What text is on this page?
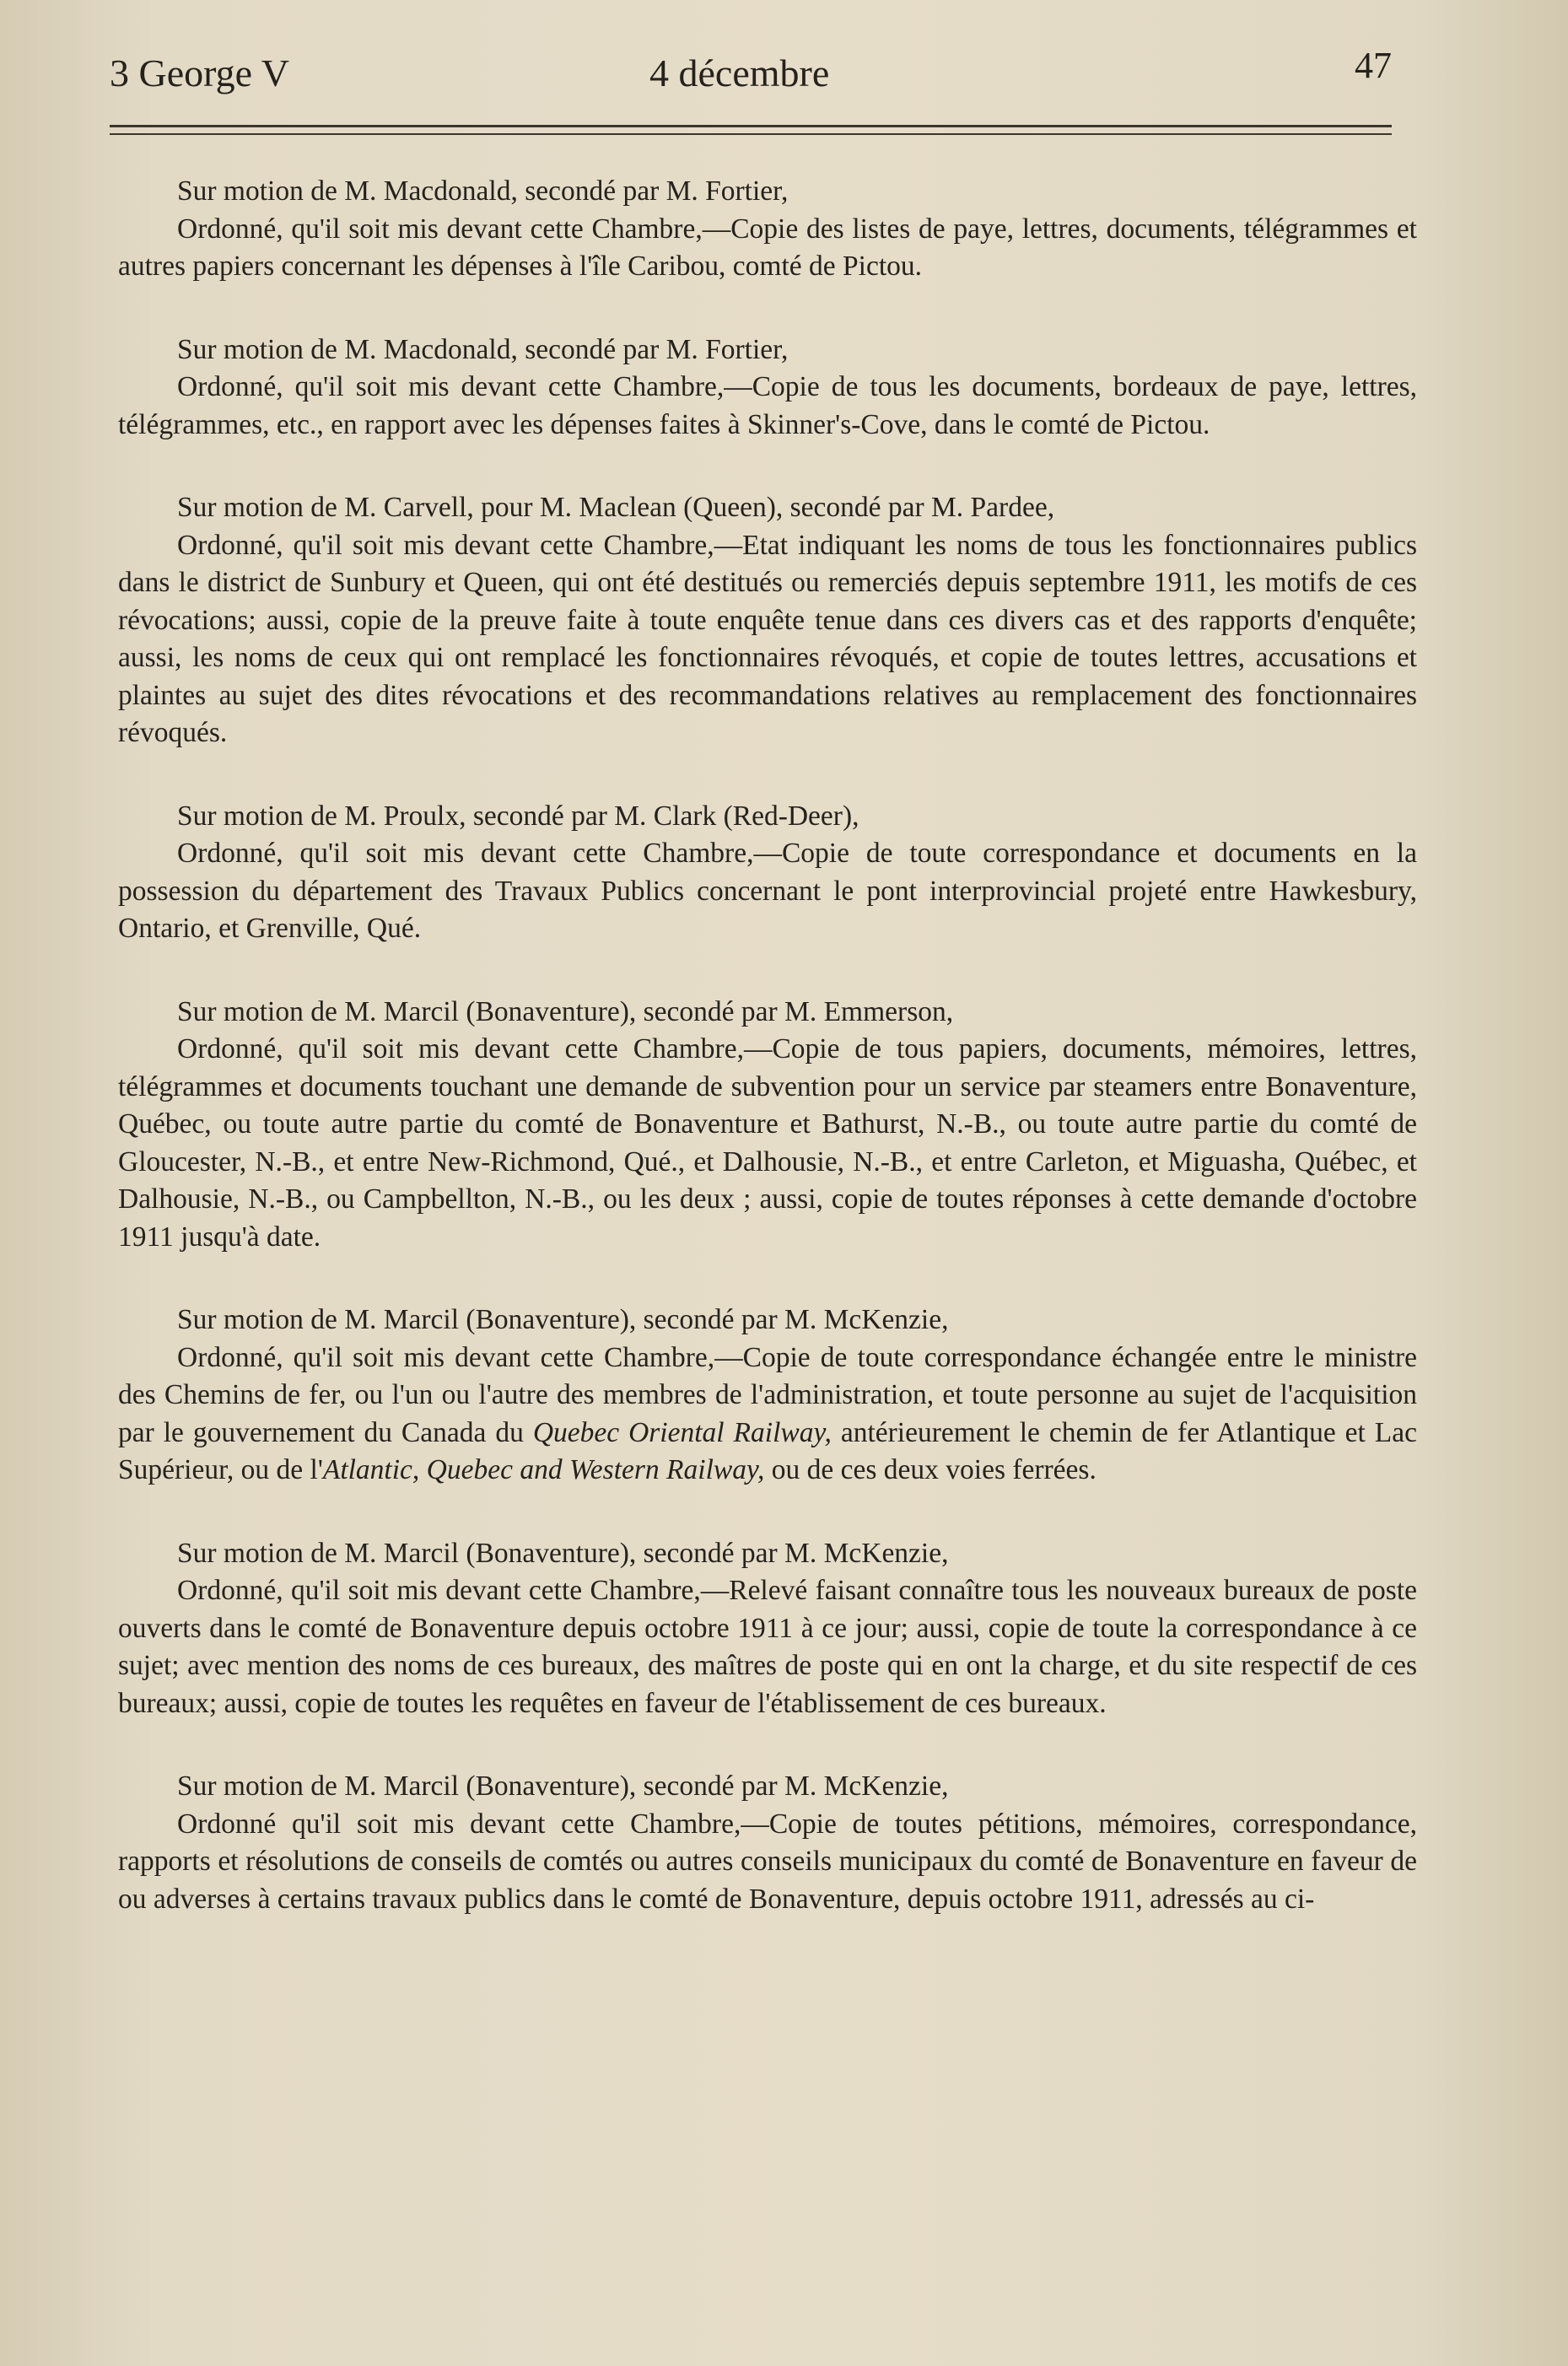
3 George V	4 décembre	47

Sur motion de M. Macdonald, secondé par M. Fortier,

Ordonné, qu'il soit mis devant cette Chambre,—Copie des listes de paye, lettres, documents, télégrammes et autres papiers concernant les dépenses à l'île Caribou, comté de Pictou.

Sur motion de M. Macdonald, secondé par M. Fortier,

Ordonné, qu'il soit mis devant cette Chambre,—Copie de tous les documents, bordeaux de paye, lettres, télégrammes, etc., en rapport avec les dépenses faites à Skinner's-Cove, dans le comté de Pictou.

Sur motion de M. Carvell, pour M. Maclean (Queen), secondé par M. Pardee,

Ordonné, qu'il soit mis devant cette Chambre,—Etat indiquant les noms de tous les fonctionnaires publics dans le district de Sunbury et Queen, qui ont été destitués ou remerciés depuis septembre 1911, les motifs de ces révocations; aussi, copie de la preuve faite à toute enquête tenue dans ces divers cas et des rapports d'enquête; aussi, les noms de ceux qui ont remplacé les fonctionnaires révoqués, et copie de toutes lettres, accusations et plaintes au sujet des dites révocations et des recommandations relatives au remplacement des fonctionnaires révoqués.

Sur motion de M. Proulx, secondé par M. Clark (Red-Deer),

Ordonné, qu'il soit mis devant cette Chambre,—Copie de toute correspondance et documents en la possession du département des Travaux Publics concernant le pont interprovincial projeté entre Hawkesbury, Ontario, et Grenville, Qué.

Sur motion de M. Marcil (Bonaventure), secondé par M. Emmerson,

Ordonné, qu'il soit mis devant cette Chambre,—Copie de tous papiers, documents, mémoires, lettres, télégrammes et documents touchant une demande de subvention pour un service par steamers entre Bonaventure, Québec, ou toute autre partie du comté de Bonaventure et Bathurst, N.-B., ou toute autre partie du comté de Gloucester, N.-B., et entre New-Richmond, Qué., et Dalhousie, N.-B., et entre Carleton, et Miguasha, Québec, et Dalhousie, N.-B., ou Campbellton, N.-B., ou les deux ; aussi, copie de toutes réponses à cette demande d'octobre 1911 jusqu'à date.

Sur motion de M. Marcil (Bonaventure), secondé par M. McKenzie,

Ordonné, qu'il soit mis devant cette Chambre,—Copie de toute correspondance échangée entre le ministre des Chemins de fer, ou l'un ou l'autre des membres de l'administration, et toute personne au sujet de l'acquisition par le gouvernement du Canada du Quebec Oriental Railway, antérieurement le chemin de fer Atlantique et Lac Supérieur, ou de l'Atlantic, Quebec and Western Railway, ou de ces deux voies ferrées.

Sur motion de M. Marcil (Bonaventure), secondé par M. McKenzie,

Ordonné, qu'il soit mis devant cette Chambre,—Relevé faisant connaître tous les nouveaux bureaux de poste ouverts dans le comté de Bonaventure depuis octobre 1911 à ce jour; aussi, copie de toute la correspondance à ce sujet; avec mention des noms de ces bureaux, des maîtres de poste qui en ont la charge, et du site respectif de ces bureaux; aussi, copie de toutes les requêtes en faveur de l'établissement de ces bureaux.

Sur motion de M. Marcil (Bonaventure), secondé par M. McKenzie,

Ordonné qu'il soit mis devant cette Chambre,—Copie de toutes pétitions, mémoires, correspondance, rapports et résolutions de conseils de comtés ou autres conseils municipaux du comté de Bonaventure en faveur de ou adverses à certains travaux publics dans le comté de Bonaventure, depuis octobre 1911, adressés au ci-
